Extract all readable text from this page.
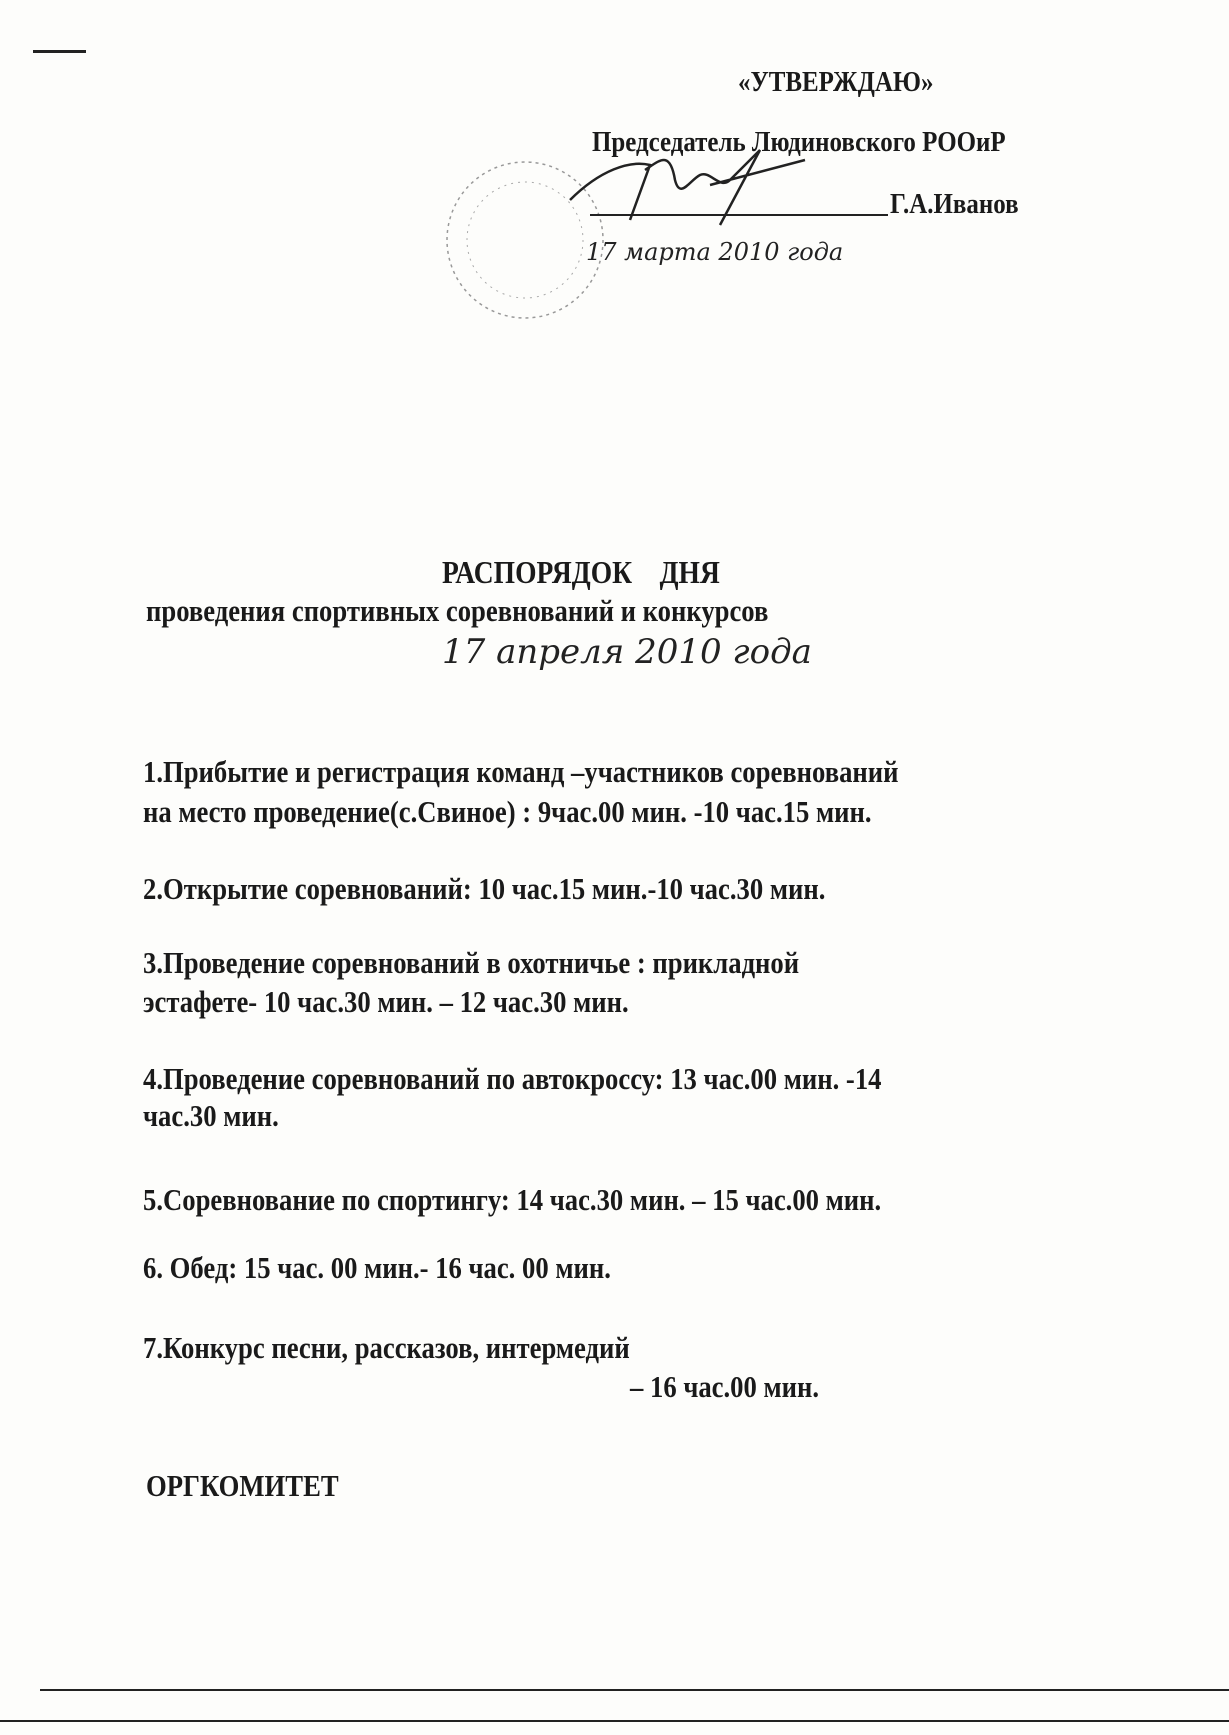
«УТВЕРЖДАЮ»
Председатель Людиновского РООиР
Г.А.Иванов
17 марта 2010 года
РАСПОРЯДОК    ДНЯ
проведения спортивных соревнований и конкурсов
17 апреля 2010 года
1.Прибытие и регистрация команд –участников соревнований
на место проведение(с.Свиное) : 9час.00 мин. -10 час.15 мин.
2.Открытие соревнований: 10 час.15 мин.-10 час.30 мин.
3.Проведение соревнований в охотничье : прикладной
эстафете- 10 час.30 мин. – 12 час.30 мин.
4.Проведение соревнований по автокроссу: 13 час.00 мин. -14
час.30 мин.
5.Соревнование по спортингу: 14 час.30 мин. – 15 час.00 мин.
6. Обед: 15 час. 00 мин.- 16 час. 00 мин.
7.Конкурс песни, рассказов, интермедий
– 16 час.00 мин.
ОРГКОМИТЕТ
